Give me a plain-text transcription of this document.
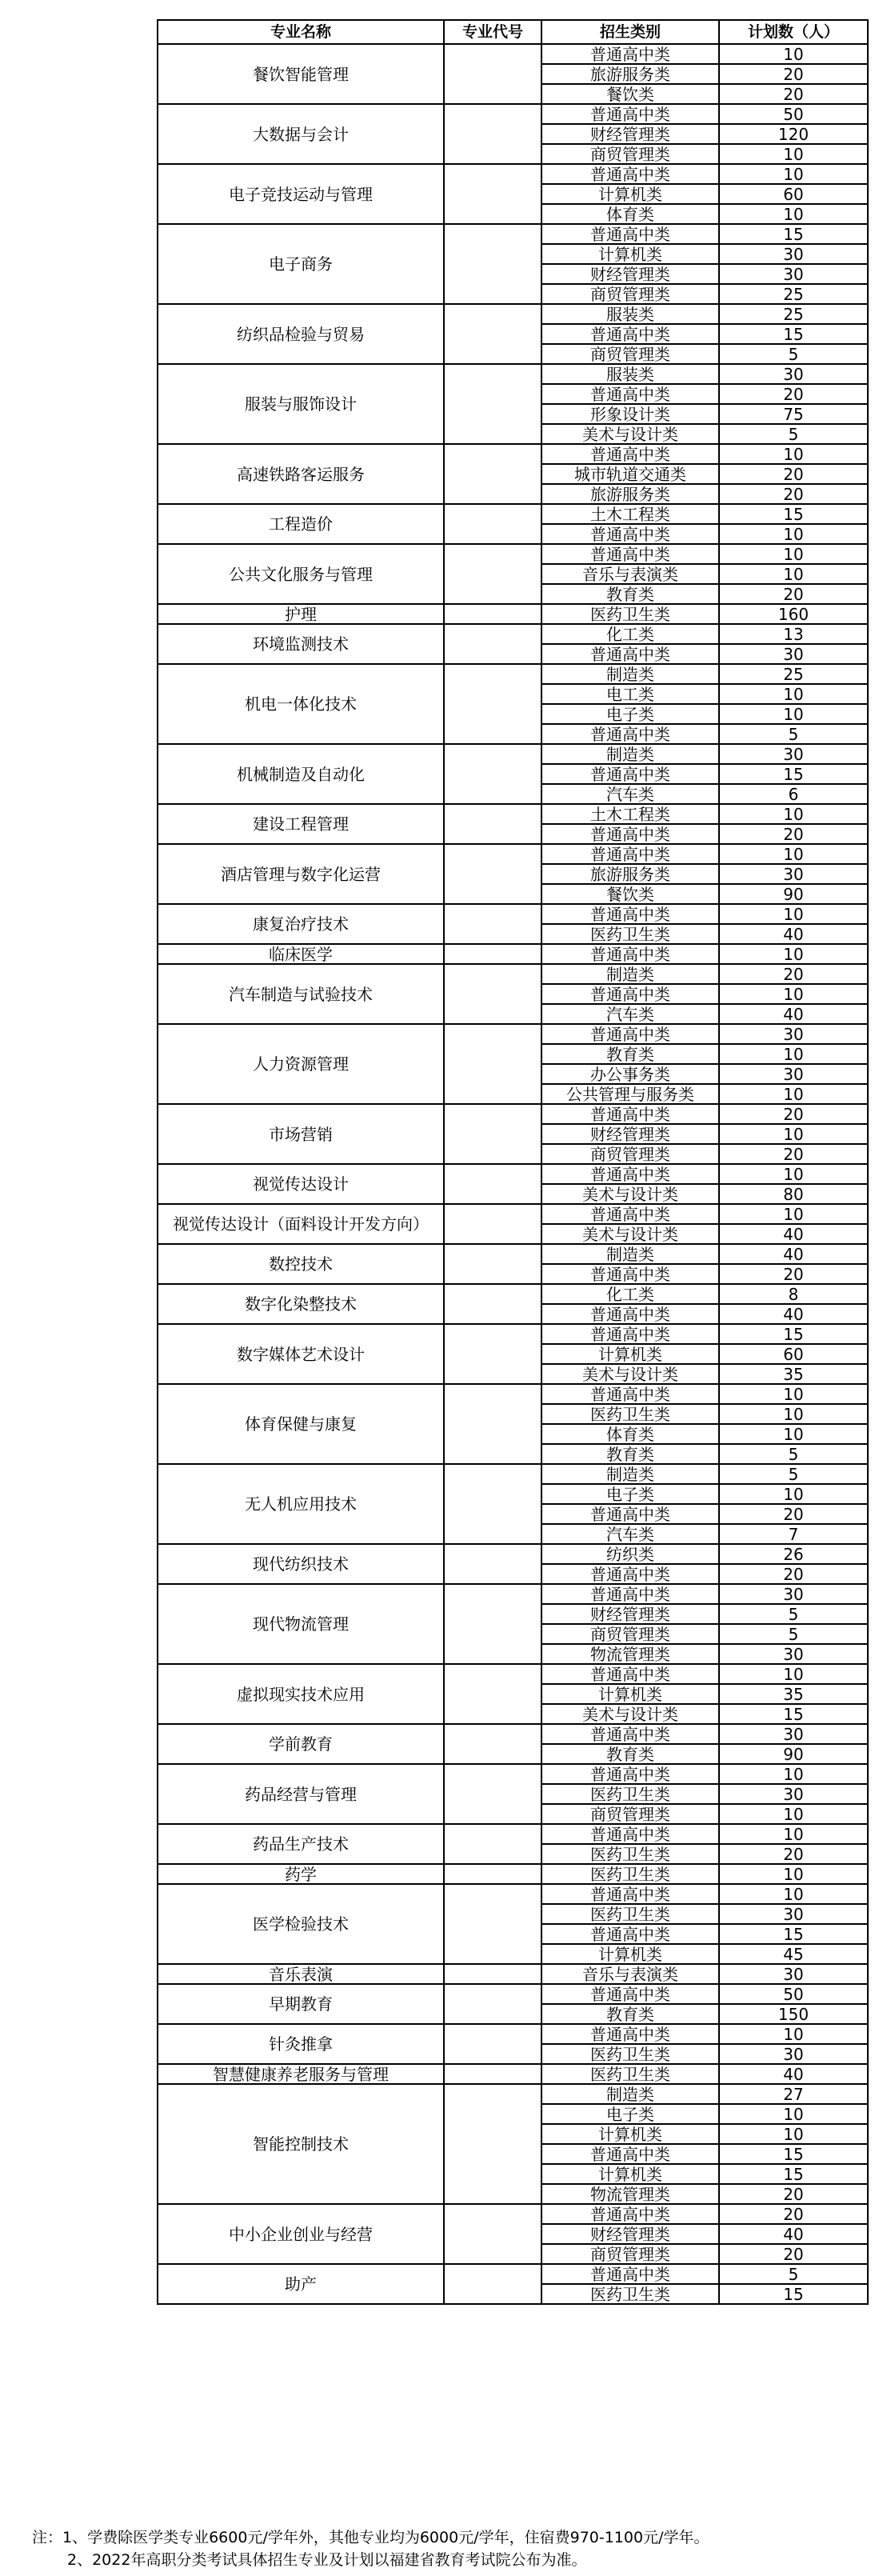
专业名称	专业代号	招生类别	计划数（人）
餐饮智能管理		普通高中类	10
		旅游服务类	20
		餐饮类	20
大数据与会计		普通高中类	50
		财经管理类	120
		商贸管理类	10
电子竞技运动与管理		普通高中类	10
		计算机类	60
		体育类	10
电子商务		普通高中类	15
		计算机类	30
		财经管理类	30
		商贸管理类	25
纺织品检验与贸易		服装类	25
		普通高中类	15
		商贸管理类	5
服装与服饰设计		服装类	30
		普通高中类	20
		形象设计类	75
		美术与设计类	5
高速铁路客运服务		普通高中类	10
		城市轨道交通类	20
		旅游服务类	20
工程造价		土木工程类	15
		普通高中类	10
公共文化服务与管理		普通高中类	10
		音乐与表演类	10
		教育类	20
护理		医药卫生类	160
环境监测技术		化工类	13
		普通高中类	30
机电一体化技术		制造类	25
		电工类	10
		电子类	10
		普通高中类	5
机械制造及自动化		制造类	30
		普通高中类	15
		汽车类	6
建设工程管理		土木工程类	10
		普通高中类	20
酒店管理与数字化运营		普通高中类	10
		旅游服务类	30
		餐饮类	90
康复治疗技术		普通高中类	10
		医药卫生类	40
临床医学		普通高中类	10
汽车制造与试验技术		制造类	20
		普通高中类	10
		汽车类	40
人力资源管理		普通高中类	30
		教育类	10
		办公事务类	30
		公共管理与服务类	10
市场营销		普通高中类	20
		财经管理类	10
		商贸管理类	20
视觉传达设计		普通高中类	10
		美术与设计类	80
视觉传达设计（面料设计开发方向）		普通高中类	10
		美术与设计类	40
数控技术		制造类	40
		普通高中类	20
数字化染整技术		化工类	8
		普通高中类	40
数字媒体艺术设计		普通高中类	15
		计算机类	60
		美术与设计类	35
体育保健与康复		普通高中类	10
		医药卫生类	10
		体育类	10
		教育类	5
无人机应用技术		制造类	5
		电子类	10
		普通高中类	20
		汽车类	7
现代纺织技术		纺织类	26
		普通高中类	20
现代物流管理		普通高中类	30
		财经管理类	5
		商贸管理类	5
		物流管理类	30
虚拟现实技术应用		普通高中类	10
		计算机类	35
		美术与设计类	15
学前教育		普通高中类	30
		教育类	90
药品经营与管理		普通高中类	10
		医药卫生类	30
		商贸管理类	10
药品生产技术		普通高中类	10
		医药卫生类	20
药学		医药卫生类	10
医学检验技术		普通高中类	10
		医药卫生类	30
		普通高中类	15
		计算机类	45
音乐表演		音乐与表演类	30
早期教育		普通高中类	50
		教育类	150
针灸推拿		普通高中类	10
		医药卫生类	30
智慧健康养老服务与管理		医药卫生类	40
智能控制技术		制造类	27
		电子类	10
		计算机类	10
		普通高中类	15
		计算机类	15
		物流管理类	20
中小企业创业与经营		普通高中类	20
		财经管理类	40
		商贸管理类	20
助产		普通高中类	5
		医药卫生类	15
注：1、学费除医学类专业6600元/学年外，其他专业均为6000元/学年，住宿费970-1100元/学年。
2、2022年高职分类考试具体招生专业及计划以福建省教育考试院公布为准。
